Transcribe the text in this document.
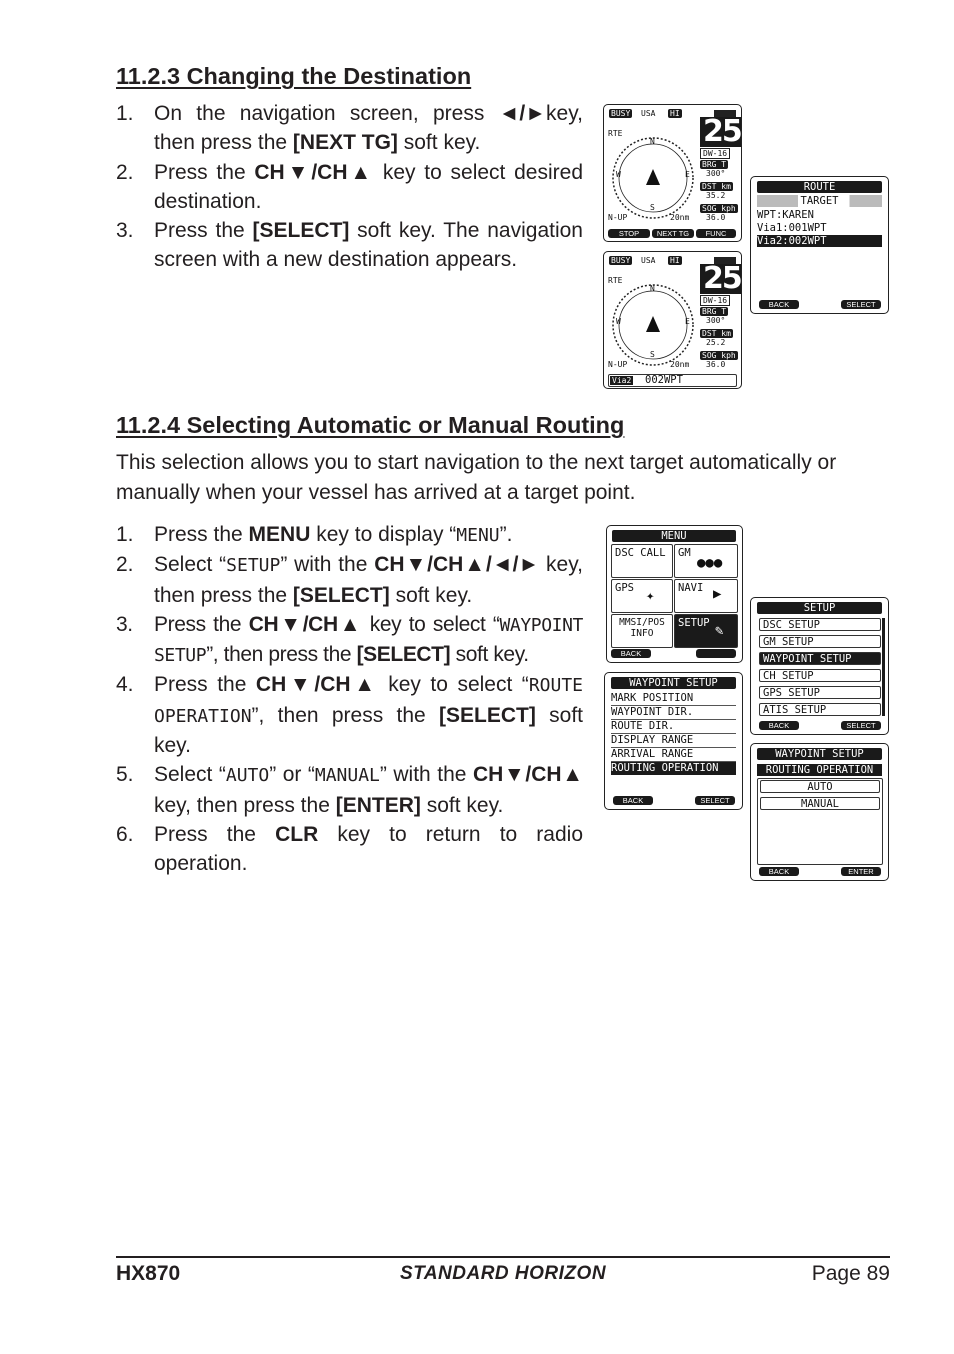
11.2.3 Changing the Destination
1. On the navigation screen, press ◄/►key, then press the [NEXT TG] soft key.
2. Press the CH▼/CH▲ key to select desired destination.
3. Press the [SELECT] soft key. The navigation screen with a new destination appears.
BUSY USA HI
RTE	25
DW-16
N
S
W	E
BRG T
300°
DST km
35.2
SOG kph
36.0
N-UP	20nm
STOP	NEXT TG	FUNC
ROUTE
TARGET
WPT:KAREN
Via1:001WPT
Via2:002WPT
BACK	SELECT
BUSY USA HI
RTE	25
DW-16
N
S
W	E
BRG T
300°
DST km
25.2
SOG kph
36.0
N-UP	20nm
Via2 002WPT
11.2.4 Selecting Automatic or Manual Routing

This selection allows you to start navigation to the next target automatically or manually when your vessel has arrived at a target point.

1. Press the MENU key to display “MENU”.
2. Select “SETUP” with the CH▼/CH▲/◄/► key, then press the [SELECT] soft key.
3. Press the CH▼/CH▲ key to select “WAYPOINT SETUP”, then press the [SELECT] soft key.
4. Press the CH▼/CH▲ key to select “ROUTE OPERATION”, then press the [SELECT] soft key.
5. Select “AUTO” or “MANUAL” with the CH▼/CH▲ key, then press the [ENTER] soft key.
6. Press the CLR key to return to radio operation.
MENU
DSC CALL GM
●●●
GPS ✦ NAVI ▶
MMSI/POS INFO
SETUP ✎
BACK
SETUP
DSC SETUP
GM SETUP
WAYPOINT SETUP
CH SETUP
GPS SETUP
ATIS SETUP
BACK	SELECT
WAYPOINT SETUP
MARK POSITION
WAYPOINT DIR.
ROUTE DIR.
DISPLAY RANGE
ARRIVAL RANGE
ROUTING OPERATION
BACK	SELECT
WAYPOINT SETUP
ROUTING OPERATION
AUTO
MANUAL
BACK	ENTER
HX870	STANDARD HORIZON	Page 89
